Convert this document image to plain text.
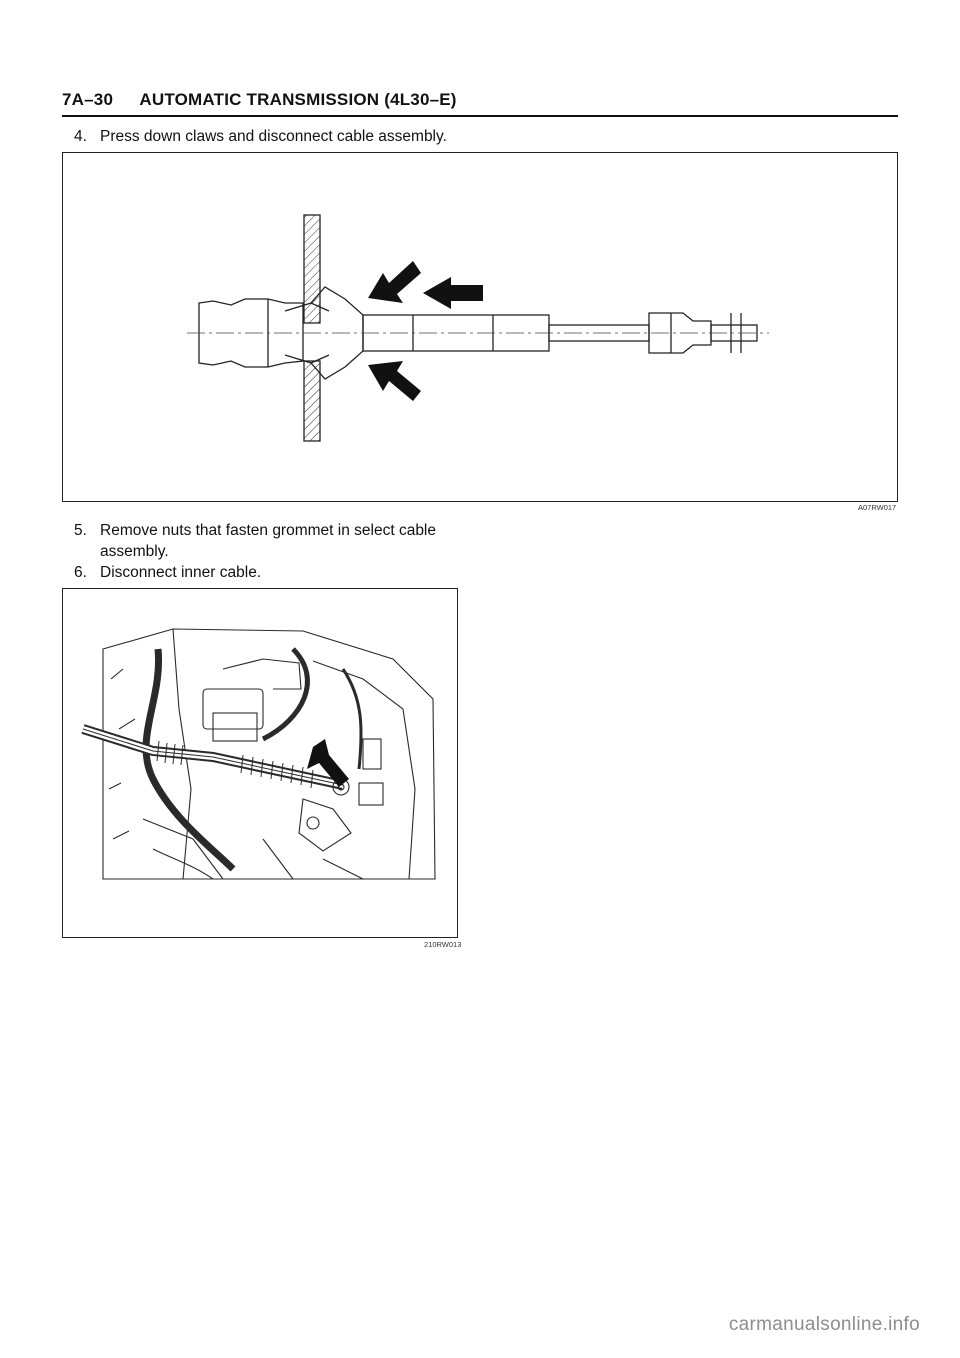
7A–30 AUTOMATIC TRANSMISSION (4L30–E)
4. Press down claws and disconnect cable assembly.
A07RW017
5. Remove nuts that fasten grommet in select cable
assembly.
6. Disconnect inner cable.
210RW013
carmanualsonline.info
